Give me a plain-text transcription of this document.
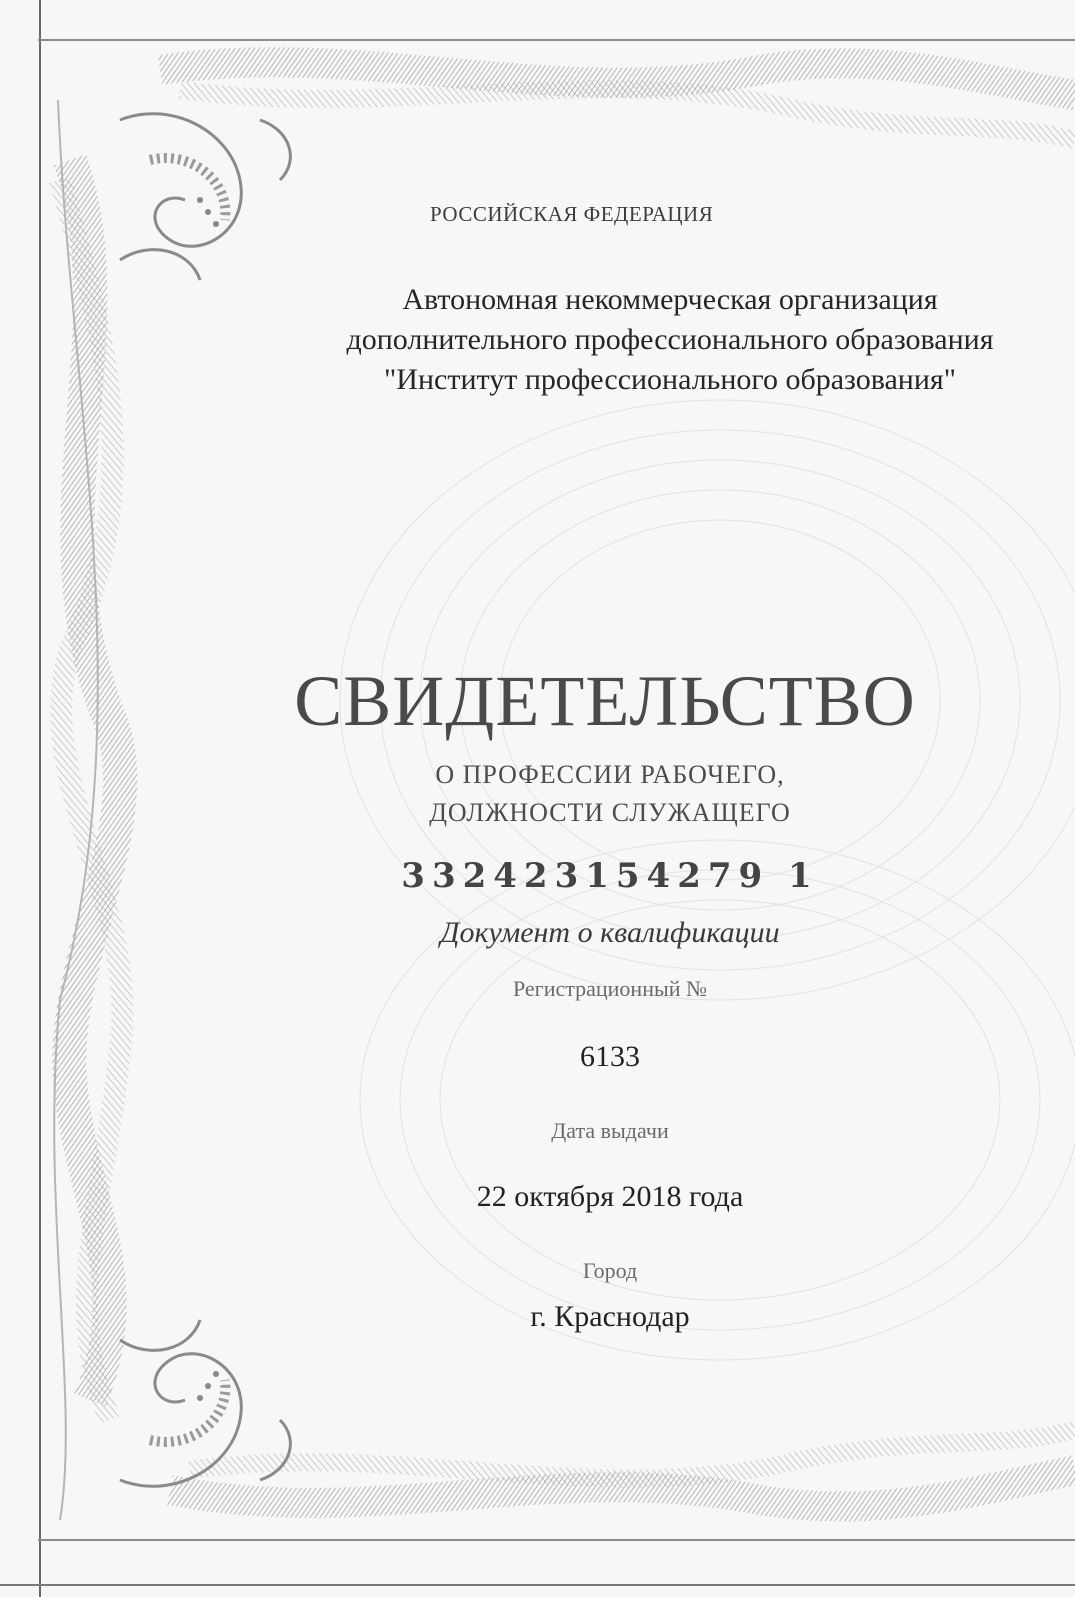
РОССИЙСКАЯ ФЕДЕРАЦИЯ
Автономная некоммерческая организация
дополнительного профессионального образования
"Институт профессионального образования"
СВИДЕТЕЛЬСТВО
О ПРОФЕССИИ РАБОЧЕГО,
ДОЛЖНОСТИ СЛУЖАЩЕГО
332423154279 1
Документ о квалификации
Регистрационный №
6133
Дата выдачи
22 октября 2018 года
Город
г. Краснодар
